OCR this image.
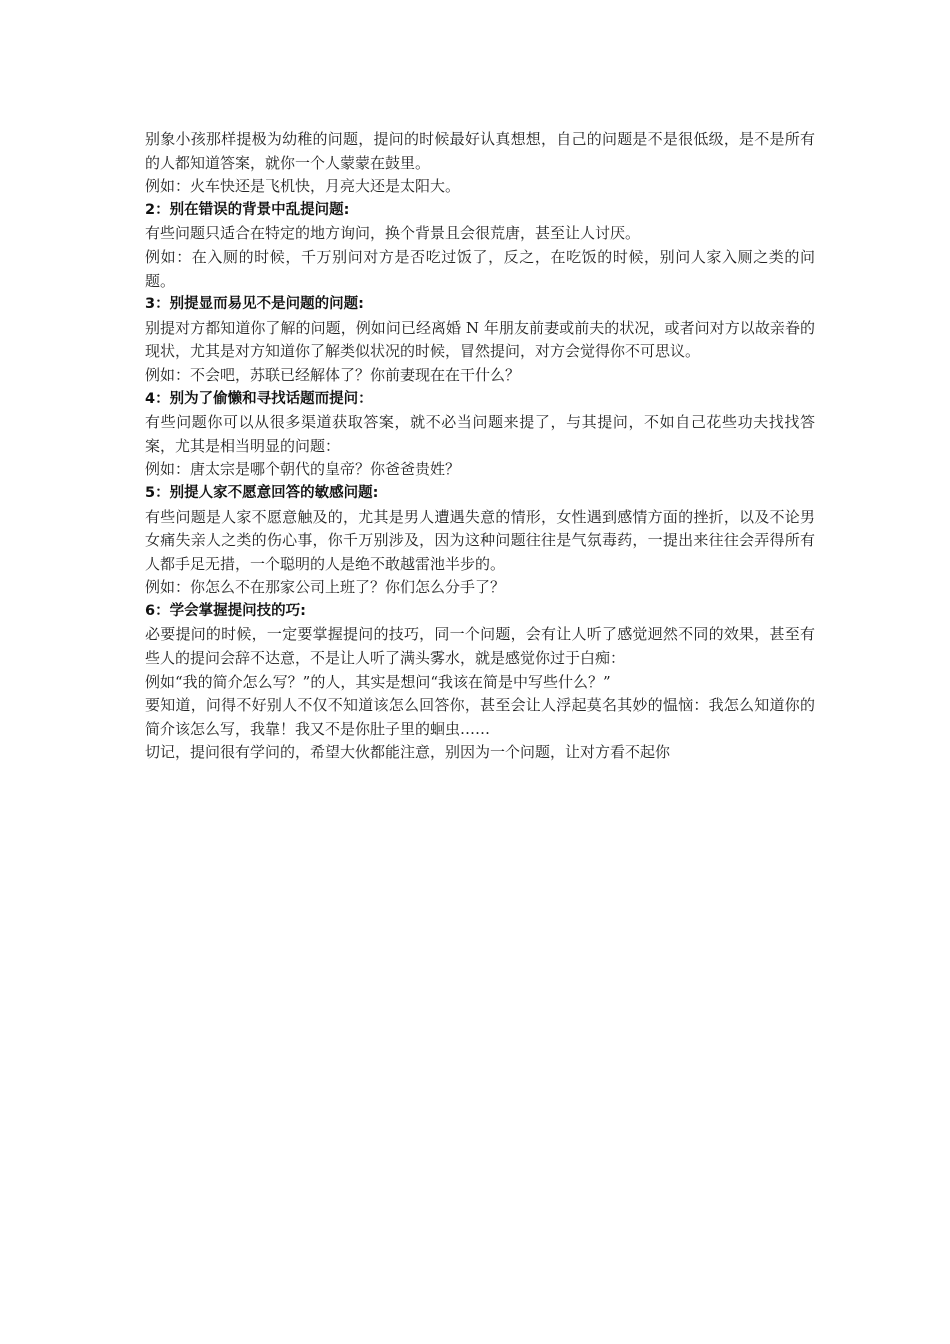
别象小孩那样提极为幼稚的问题，提问的时候最好认真想想，自己的问题是不是很低级，是不是所有的人都知道答案，就你一个人蒙蒙在鼓里。

例如：火车快还是飞机快，月亮大还是太阳大。

2：别在错误的背景中乱提问题:

有些问题只适合在特定的地方询问，换个背景且会很荒唐，甚至让人讨厌。

例如：在入厕的时候，千万别问对方是否吃过饭了，反之，在吃饭的时候，别问人家入厕之类的问题。

3：别提显而易见不是问题的问题:

别提对方都知道你了解的问题，例如问已经离婚 N 年朋友前妻或前夫的状况，或者问对方以故亲眷的现状，尤其是对方知道你了解类似状况的时候，冒然提问，对方会觉得你不可思议。

例如：不会吧，苏联已经解体了？你前妻现在在干什么？

4：别为了偷懒和寻找话题而提问：

有些问题你可以从很多渠道获取答案，就不必当问题来提了，与其提问，不如自己花些功夫找找答案，尤其是相当明显的问题：

例如：唐太宗是哪个朝代的皇帝？你爸爸贵姓？

5：别提人家不愿意回答的敏感问题:

有些问题是人家不愿意触及的，尤其是男人遭遇失意的情形，女性遇到感情方面的挫折，以及不论男女痛失亲人之类的伤心事，你千万别涉及，因为这种问题往往是气氛毒药，一提出来往往会弄得所有人都手足无措，一个聪明的人是绝不敢越雷池半步的。

例如：你怎么不在那家公司上班了？你们怎么分手了？

6：学会掌握提问技的巧:

必要提问的时候，一定要掌握提问的技巧，同一个问题，会有让人听了感觉迥然不同的效果，甚至有些人的提问会辞不达意，不是让人听了满头雾水，就是感觉你过于白痴：

例如“我的简介怎么写？”的人，其实是想问“我该在简是中写些什么？”

要知道，问得不好别人不仅不知道该怎么回答你，甚至会让人浮起莫名其妙的愠恼：我怎么知道你的简介该怎么写，我靠！我又不是你肚子里的蛔虫……

切记，提问很有学问的，希望大伙都能注意，别因为一个问题，让对方看不起你
